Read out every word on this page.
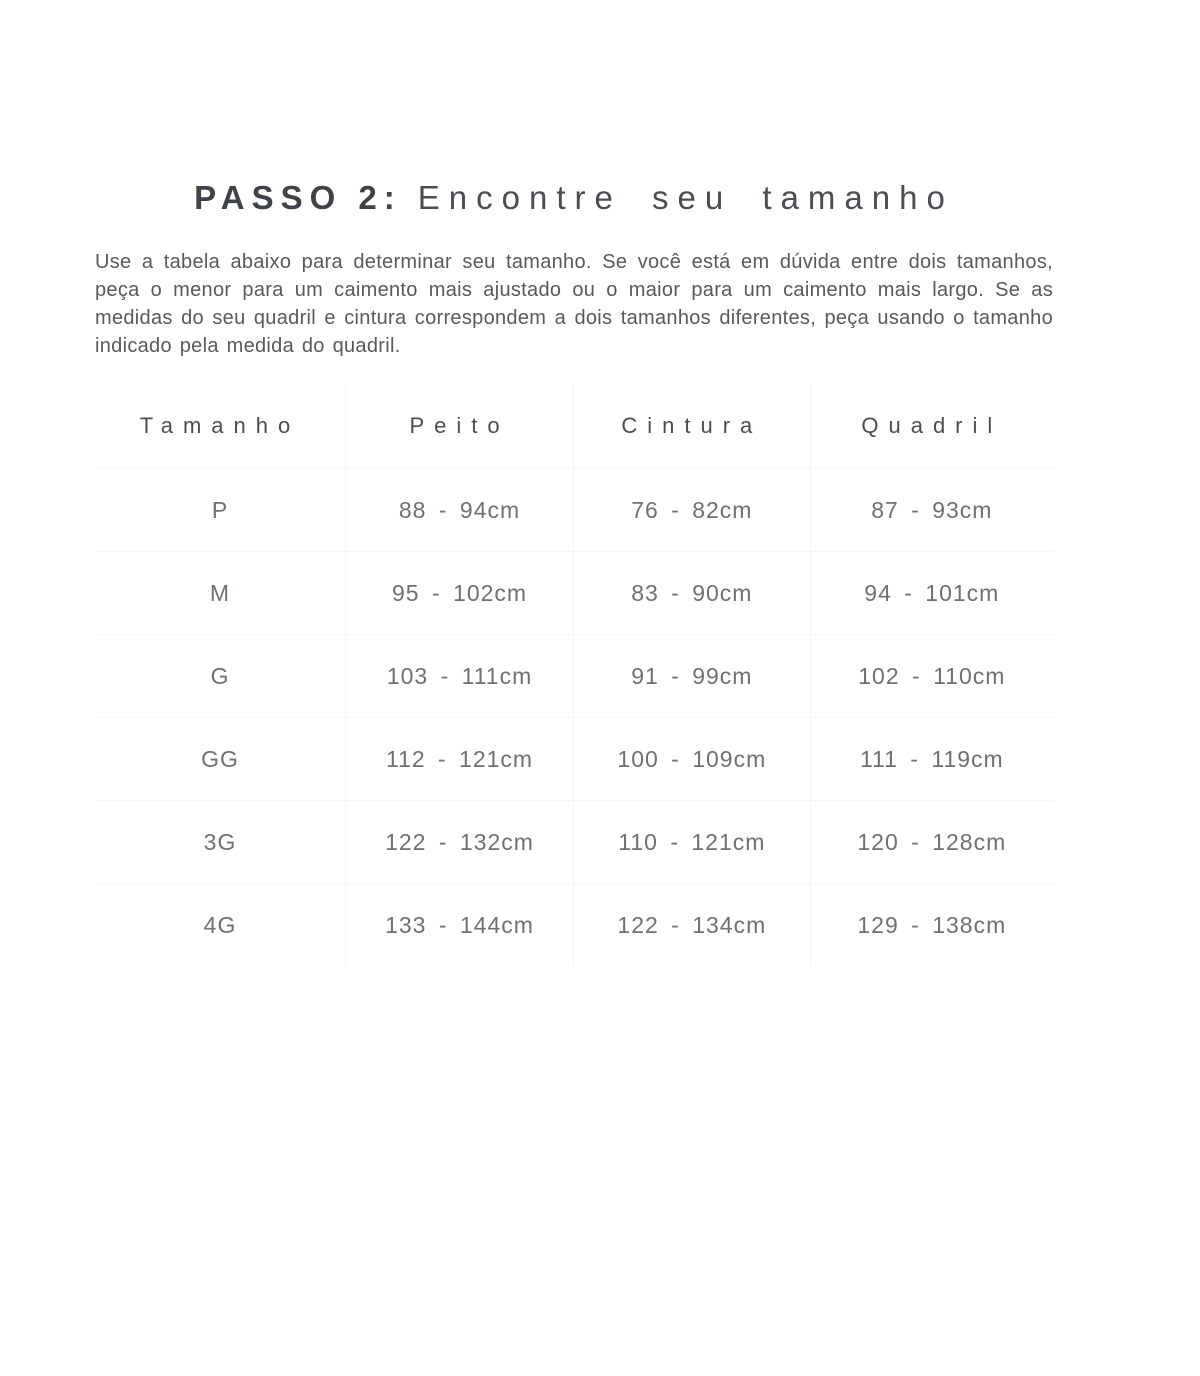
PASSO 2: Encontre seu tamanho

Use a tabela abaixo para determinar seu tamanho. Se você está em dúvida entre dois tamanhos, peça o menor para um caimento mais ajustado ou o maior para um caimento mais largo. Se as medidas do seu quadril e cintura correspondem a dois tamanhos diferentes, peça usando o tamanho indicado pela medida do quadril.

Tamanho	Peito	Cintura	Quadril
P	88 - 94cm	76 - 82cm	87 - 93cm
M	95 - 102cm	83 - 90cm	94 - 101cm
G	103 - 111cm	91 - 99cm	102 - 110cm
GG	112 - 121cm	100 - 109cm	111 - 119cm
3G	122 - 132cm	110 - 121cm	120 - 128cm
4G	133 - 144cm	122 - 134cm	129 - 138cm
